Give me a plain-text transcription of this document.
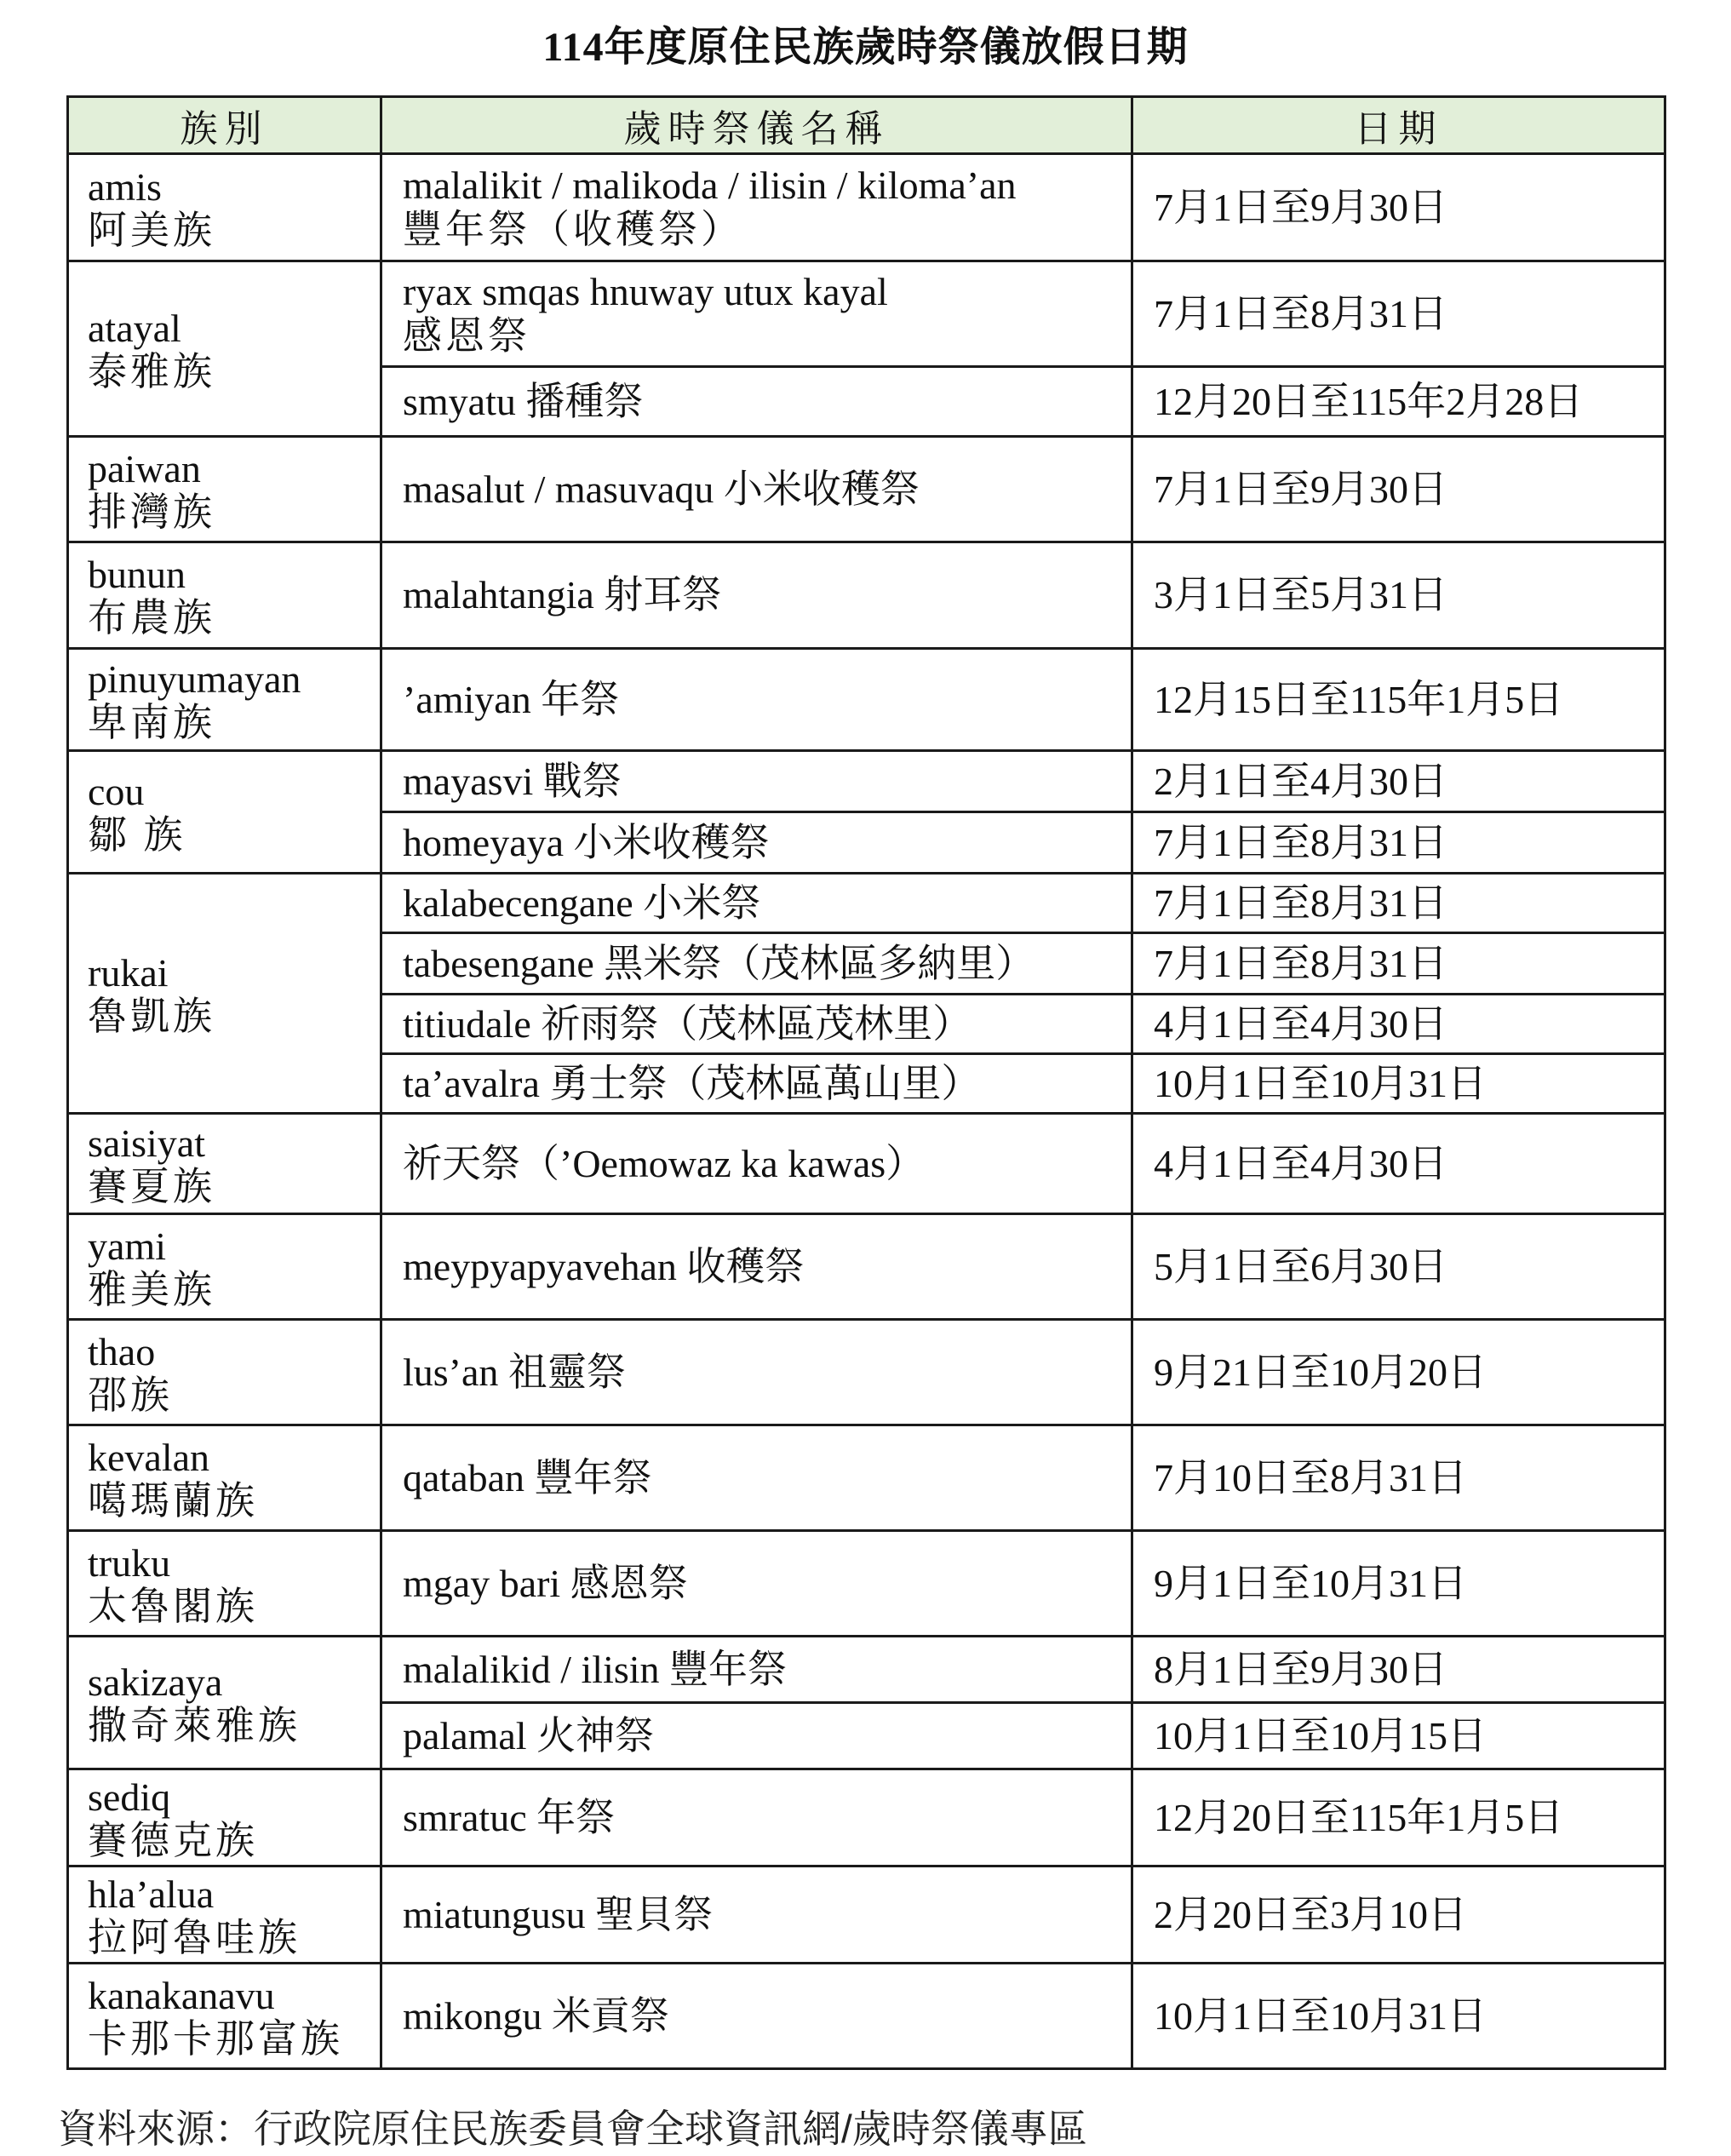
114年度原住民族歲時祭儀放假日期
族別	歲時祭儀名稱	日期

amis
阿美族	malalikit / malikoda / ilisin / kiloma’an
豐年祭（收穫祭）	7月1日至9月30日

atayal
泰雅族	ryax smqas hnuway utux kayal
感恩祭	7月1日至8月31日
	smyatu 播種祭	12月20日至115年2月28日

paiwan
排灣族	masalut / masuvaqu 小米收穫祭	7月1日至9月30日

bunun
布農族	malahtangia 射耳祭	3月1日至5月31日

pinuyumayan
卑南族	’amiyan 年祭	12月15日至115年1月5日

cou
鄒 族	mayasvi 戰祭	2月1日至4月30日
	homeyaya 小米收穫祭	7月1日至8月31日

rukai
魯凱族	kalabecengane 小米祭	7月1日至8月31日
	tabesengane 黑米祭（茂林區多納里）	7月1日至8月31日
	titiudale 祈雨祭（茂林區茂林里）	4月1日至4月30日
	ta’avalra 勇士祭（茂林區萬山里）	10月1日至10月31日

saisiyat
賽夏族	祈天祭（’Oemowaz ka kawas）	4月1日至4月30日

yami
雅美族	meypyapyavehan 收穫祭	5月1日至6月30日

thao
邵族	lus’an 祖靈祭	9月21日至10月20日

kevalan
噶瑪蘭族	qataban 豐年祭	7月10日至8月31日

truku
太魯閣族	mgay bari 感恩祭	9月1日至10月31日

sakizaya
撒奇萊雅族	malalikid / ilisin 豐年祭	8月1日至9月30日
	palamal 火神祭	10月1日至10月15日

sediq
賽德克族	smratuc 年祭	12月20日至115年1月5日

hla’alua
拉阿魯哇族	miatungusu 聖貝祭	2月20日至3月10日

kanakanavu
卡那卡那富族	mikongu 米貢祭	10月1日至10月31日
資料來源：行政院原住民族委員會全球資訊網/歲時祭儀專區
